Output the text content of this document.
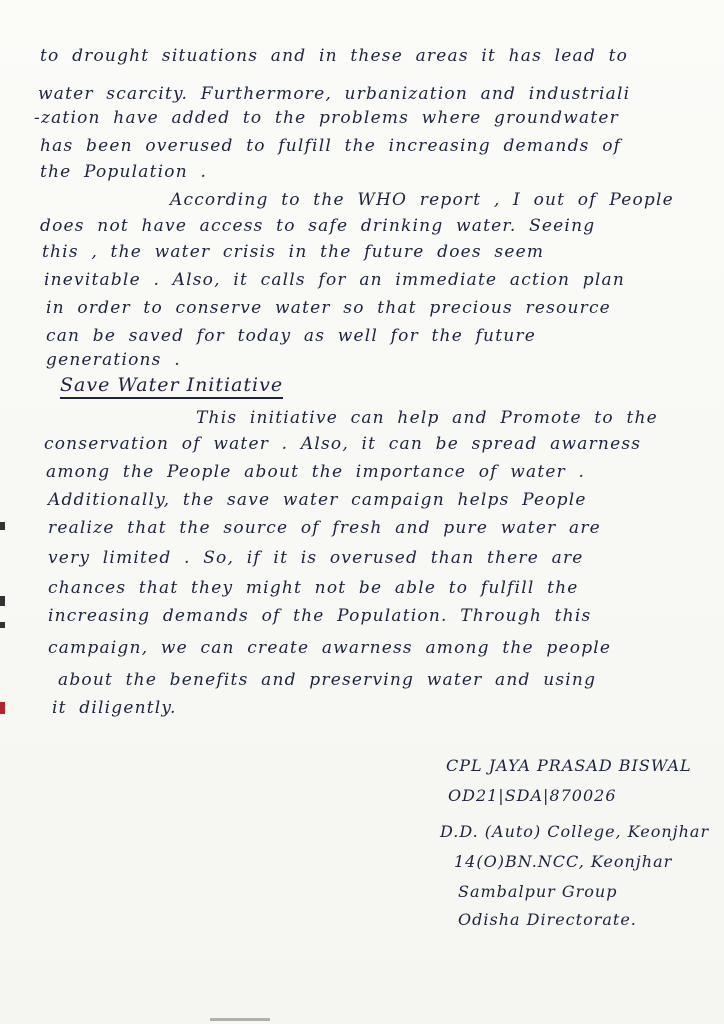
to drought situations and in these areas it has lead to
water scarcity. Furthermore, urbanization and industriali
-zation have added to the problems where groundwater
has been overused to fulfill the increasing demands of
the Population .
According to the WHO report , I out of People
does not have access to safe drinking water. Seeing
this , the water crisis in the future does seem
inevitable . Also, it calls for an immediate action plan
in order to conserve water so that precious resource
can be saved for today as well for the future
generations .
Save Water Initiative
This initiative can help and Promote to the
conservation of water . Also, it can be spread awarness
among the People about the importance of water .
Additionally, the save water campaign helps People
realize that the source of fresh and pure water are
very limited . So, if it is overused than there are
chances that they might not be able to fulfill the
increasing demands of the Population. Through this
campaign, we can create awarness among the people
about the benefits and preserving water and using
it diligently.
CPL JAYA PRASAD BISWAL
OD21|SDA|870026
D.D. (Auto) College, Keonjhar
14(O)BN.NCC, Keonjhar
Sambalpur Group
Odisha Directorate.
